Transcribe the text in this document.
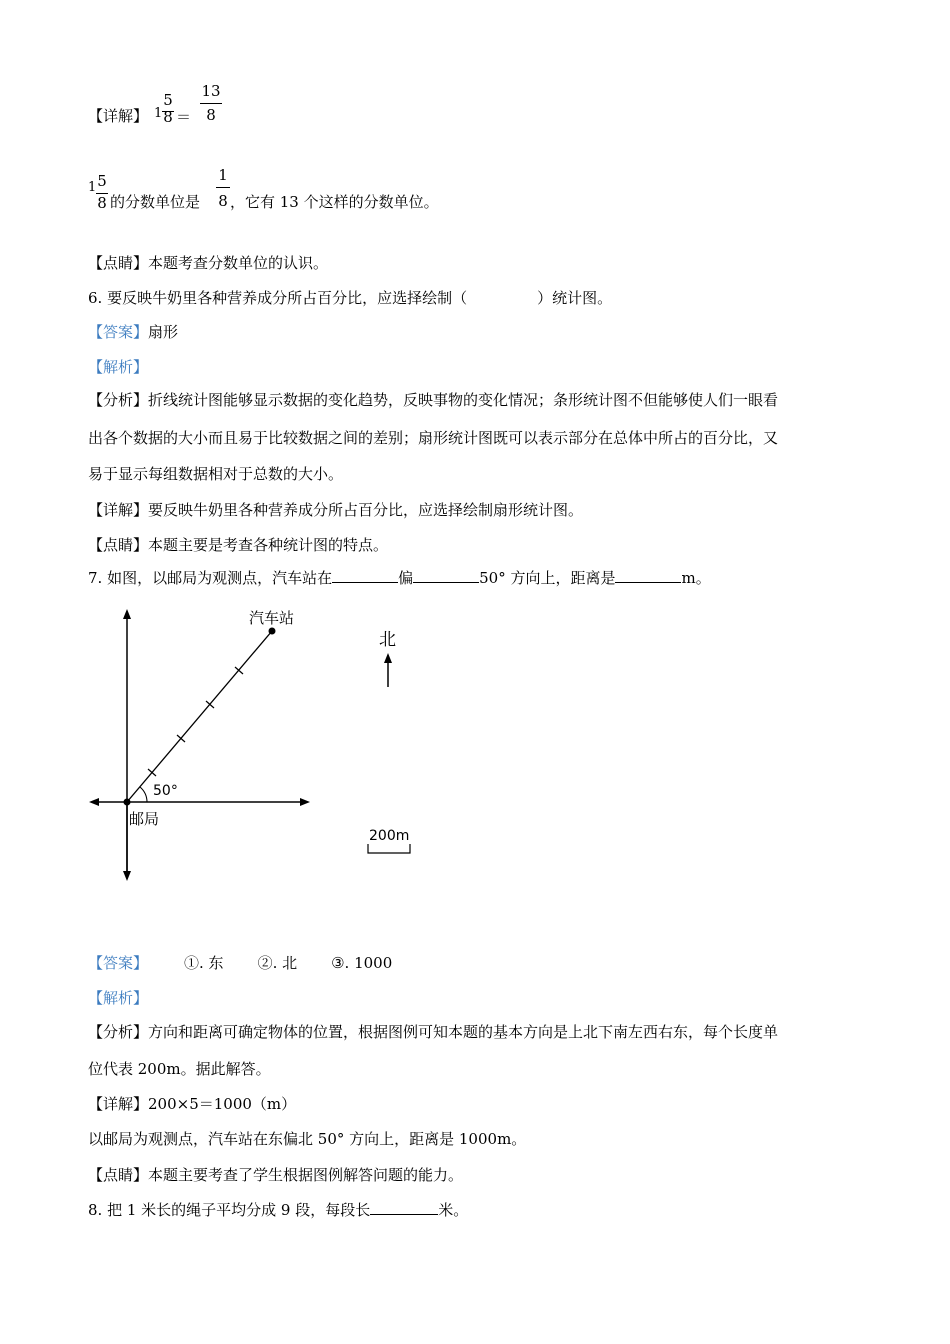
【详解】 1
5
8 ＝
13
8
1 5
8 的分数单位是
1
8 ，它有 13 个这样的分数单位。
【点睛】本题考查分数单位的认识。
6. 要反映牛奶里各种营养成分所占百分比，应选择绘制（	）统计图。
【答案】扇形
【解析】
【分析】折线统计图能够显示数据的变化趋势，反映事物的变化情况；条形统计图不但能够使人们一眼看
出各个数据的大小而且易于比较数据之间的差别；扇形统计图既可以表示部分在总体中所占的百分比，又
易于显示每组数据相对于总数的大小。
【详解】要反映牛奶里各种营养成分所占百分比，应选择绘制扇形统计图。
【点睛】本题主要是考查各种统计图的特点。
7. 如图，以邮局为观测点，汽车站在	偏	50° 方向上，距离是	m。
汽车站
邮局
50°
北
200m
【答案】 ①. 东 ②. 北 ③. 1000
【解析】
【分析】方向和距离可确定物体的位置，根据图例可知本题的基本方向是上北下南左西右东，每个长度单
位代表 200m。据此解答。
【详解】200×5＝1000（m）
以邮局为观测点，汽车站在东偏北 50° 方向上，距离是 1000m。
【点睛】本题主要考查了学生根据图例解答问题的能力。
8. 把 1 米长的绳子平均分成 9 段，每段长	米。
